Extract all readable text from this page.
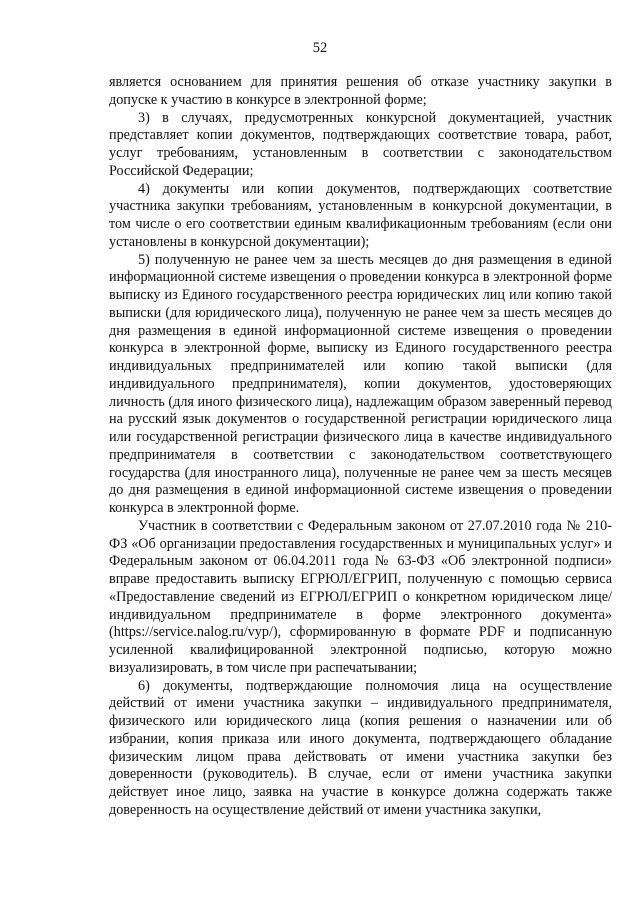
52

является основанием для принятия решения об отказе участнику закупки в допуске к участию в конкурсе в электронной форме;

3) в случаях, предусмотренных конкурсной документацией, участник представляет копии документов, подтверждающих соответствие товара, работ, услуг требованиям, установленным в соответствии с законодательством Российской Федерации;

4) документы или копии документов, подтверждающих соответствие участника закупки требованиям, установленным в конкурсной документации, в том числе о его соответствии единым квалификационным требованиям (если они установлены в конкурсной документации);

5) полученную не ранее чем за шесть месяцев до дня размещения в единой информационной системе извещения о проведении конкурса в электронной форме выписку из Единого государственного реестра юридических лиц или копию такой выписки (для юридического лица), полученную не ранее чем за шесть месяцев до дня размещения в единой информационной системе извещения о проведении конкурса в электронной форме, выписку из Единого государственного реестра индивидуальных предпринимателей или копию такой выписки (для индивидуального предпринимателя), копии документов, удостоверяющих личность (для иного физического лица), надлежащим образом заверенный перевод на русский язык документов о государственной регистрации юридического лица или государственной регистрации физического лица в качестве индивидуального предпринимателя в соответствии с законодательством соответствующего государства (для иностранного лица), полученные не ранее чем за шесть месяцев до дня размещения в единой информационной системе извещения о проведении конкурса в электронной форме.

Участник в соответствии с Федеральным законом от 27.07.2010 года № 210-ФЗ «Об организации предоставления государственных и муниципальных услуг» и Федеральным законом от 06.04.2011 года № 63-ФЗ «Об электронной подписи» вправе предоставить выписку ЕГРЮЛ/ЕГРИП, полученную с помощью сервиса «Предоставление сведений из ЕГРЮЛ/ЕГРИП о конкретном юридическом лице/индивидуальном предпринимателе в форме электронного документа» (https://service.nalog.ru/vyp/), сформированную в формате PDF и подписанную усиленной квалифицированной электронной подписью, которую можно визуализировать, в том числе при распечатывании;

6) документы, подтверждающие полномочия лица на осуществление действий от имени участника закупки – индивидуального предпринимателя, физического или юридического лица (копия решения о назначении или об избрании, копия приказа или иного документа, подтверждающего обладание физическим лицом права действовать от имени участника закупки без доверенности (руководитель). В случае, если от имени участника закупки действует иное лицо, заявка на участие в конкурсе должна содержать также доверенность на осуществление действий от имени участника закупки,
